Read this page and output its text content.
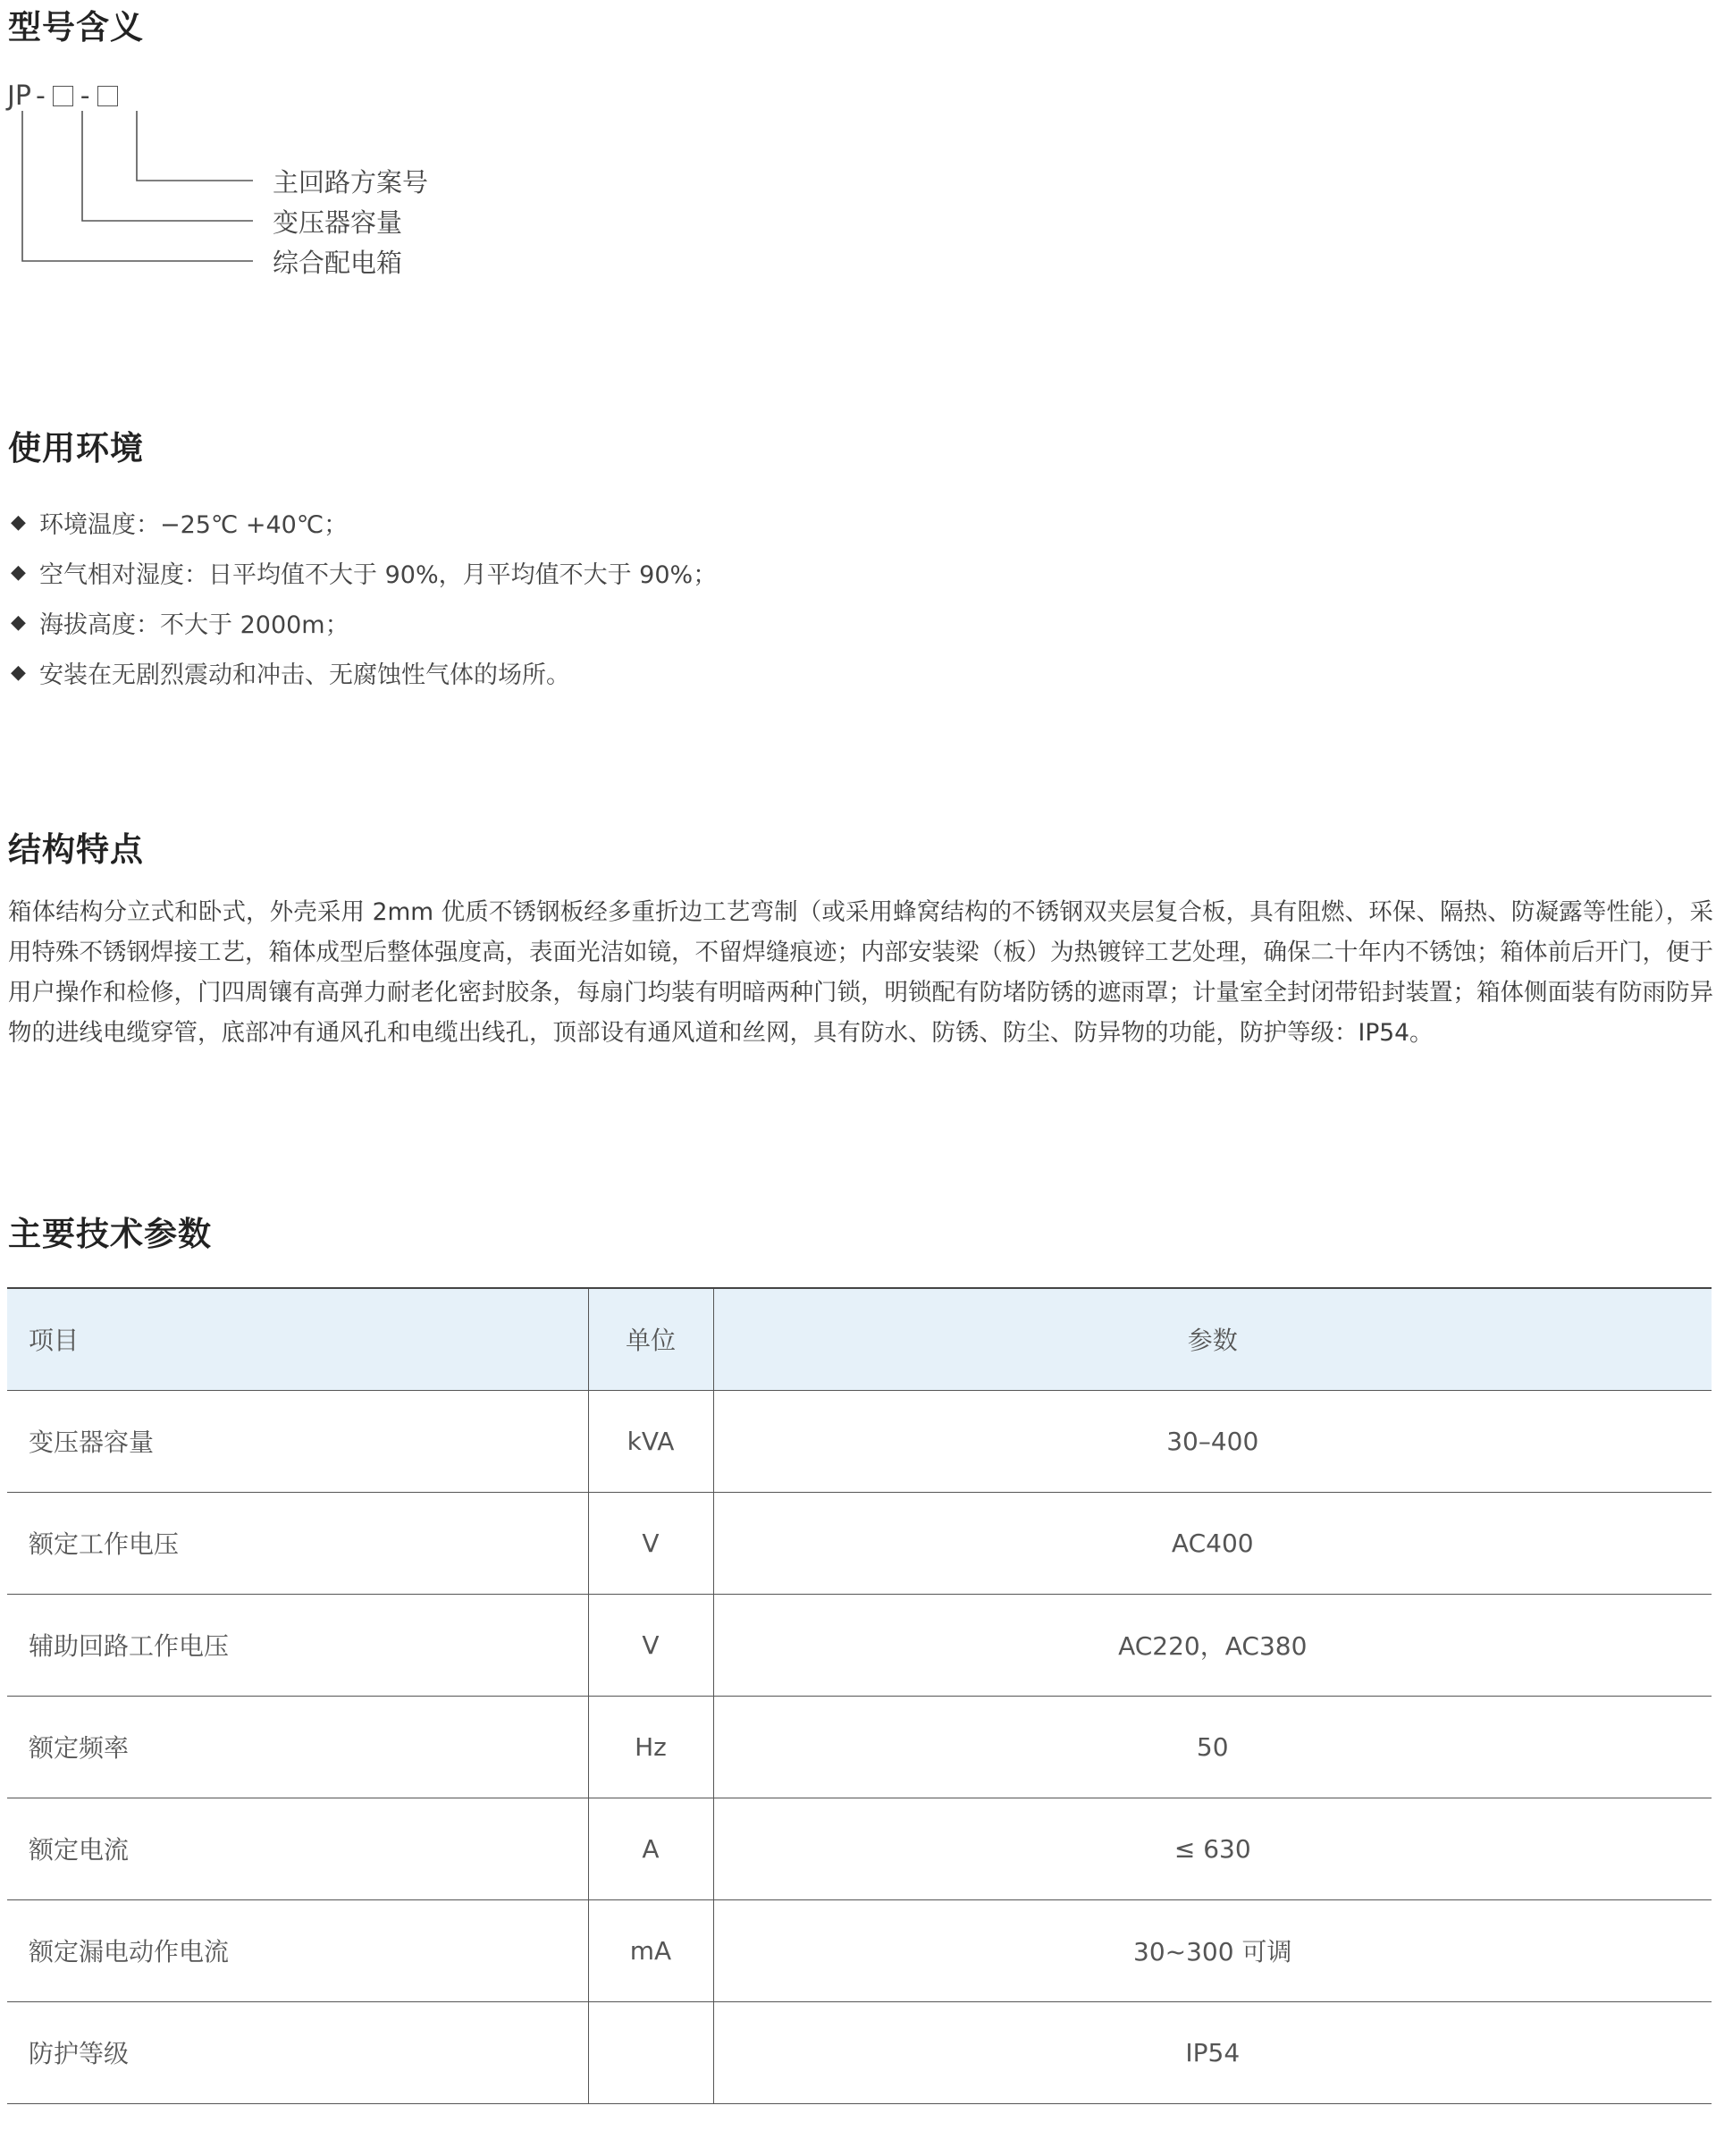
型号含义
JP - -
主回路方案号
变压器容量
综合配电箱
使用环境
◆ 环境温度：−25℃ +40℃；
◆ 空气相对湿度：日平均值不大于 90%，月平均值不大于 90%；
◆ 海拔高度：不大于 2000m；
◆ 安装在无剧烈震动和冲击、无腐蚀性气体的场所。
结构特点

箱体结构分立式和卧式，外壳采用 2mm 优质不锈钢板经多重折边工艺弯制（或采用蜂窝结构的不锈钢双夹层复合板，具有阻燃、环保、隔热、防凝露等性能），采用特殊不锈钢焊接工艺，箱体成型后整体强度高，表面光洁如镜，不留焊缝痕迹；内部安装梁（板）为热镀锌工艺处理，确保二十年内不锈蚀；箱体前后开门，便于用户操作和检修，门四周镶有高弹力耐老化密封胶条，每扇门均装有明暗两种门锁，明锁配有防堵防锈的遮雨罩；计量室全封闭带铅封装置；箱体侧面装有防雨防异物的进线电缆穿管，底部冲有通风孔和电缆出线孔，顶部设有通风道和丝网，具有防水、防锈、防尘、防异物的功能，防护等级：IP54。

主要技术参数
项目	单位	参数
变压器容量	kVA	30–400
额定工作电压	V	AC400
辅助回路工作电压	V	AC220，AC380
额定频率	Hz	50
额定电流	A	≤ 630
额定漏电动作电流	mA	30~300 可调
防护等级		IP54
